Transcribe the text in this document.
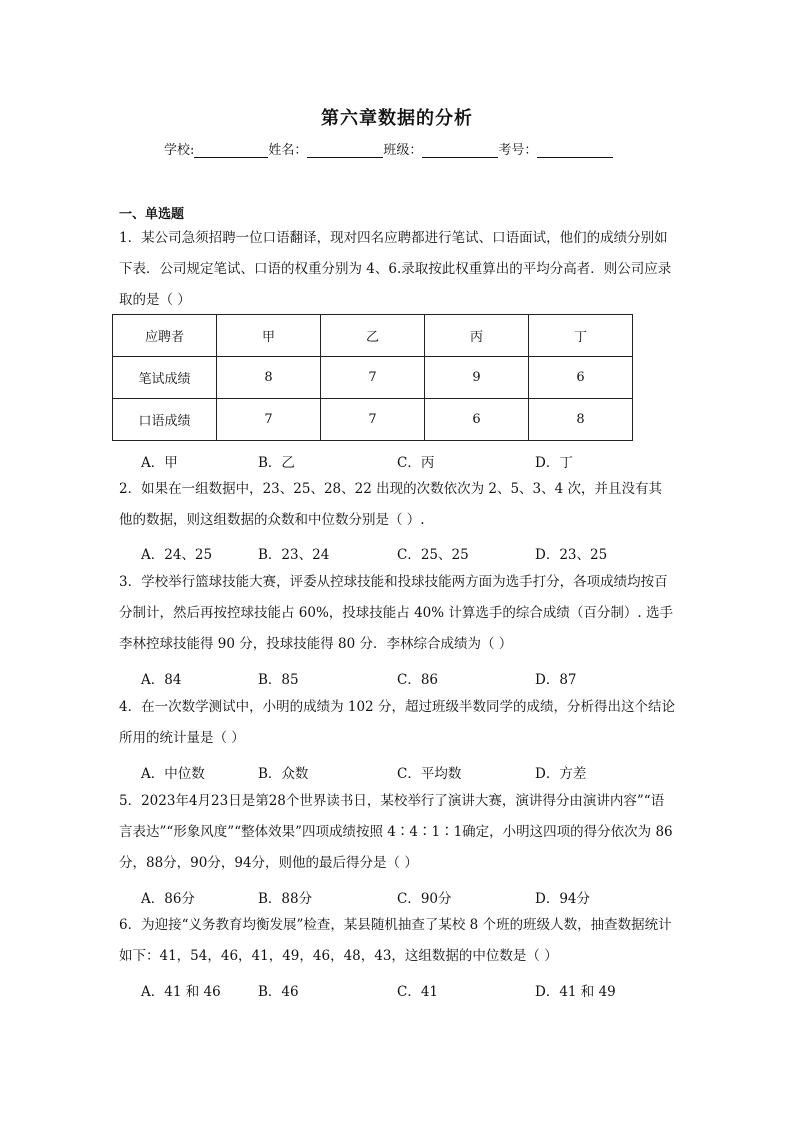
第六章数据的分析
学校:	姓名：	班级：	考号：
一、单选题
1．某公司急须招聘一位口语翻译，现对四名应聘都进行笔试、口语面试，他们的成绩分别如下表．公司规定笔试、口语的权重分别为 4、6.录取按此权重算出的平均分高者．则公司应录取的是（ ）
应聘者	甲	乙	丙	丁
笔试成绩	8	7	9	6
口语成绩	7	7	6	8
A．甲	B．乙	C．丙	D．丁
2．如果在一组数据中，23、25、28、22 出现的次数依次为 2、5、3、4 次，并且没有其他的数据，则这组数据的众数和中位数分别是（ ）.
A．24、25	B．23、24	C．25、25	D．23、25
3．学校举行篮球技能大赛，评委从控球技能和投球技能两方面为选手打分，各项成绩均按百分制计，然后再按控球技能占 60%，投球技能占 40% 计算选手的综合成绩（百分制）. 选手李林控球技能得 90 分，投球技能得 80 分．李林综合成绩为（ ）
A．84	B．85	C．86	D．87
4．在一次数学测试中，小明的成绩为 102 分，超过班级半数同学的成绩，分析得出这个结论所用的统计量是（ ）
A．中位数	B．众数	C．平均数	D．方差
5．2023年4月23日是第28个世界读书日，某校举行了演讲大赛，演讲得分由演讲内容”“语言表达”“形象风度”“整体效果”四项成绩按照 4∶4∶1∶1确定，小明这四项的得分依次为 86分，88分，90分，94分，则他的最后得分是（ ）
A．86分	B．88分	C．90分	D．94分
6．为迎接“义务教育均衡发展”检查，某县随机抽查了某校 8 个班的班级人数，抽查数据统计如下：41，54，46，41，49，46，48，43，这组数据的中位数是（ ）
A．41 和 46	B．46	C．41	D．41 和 49
